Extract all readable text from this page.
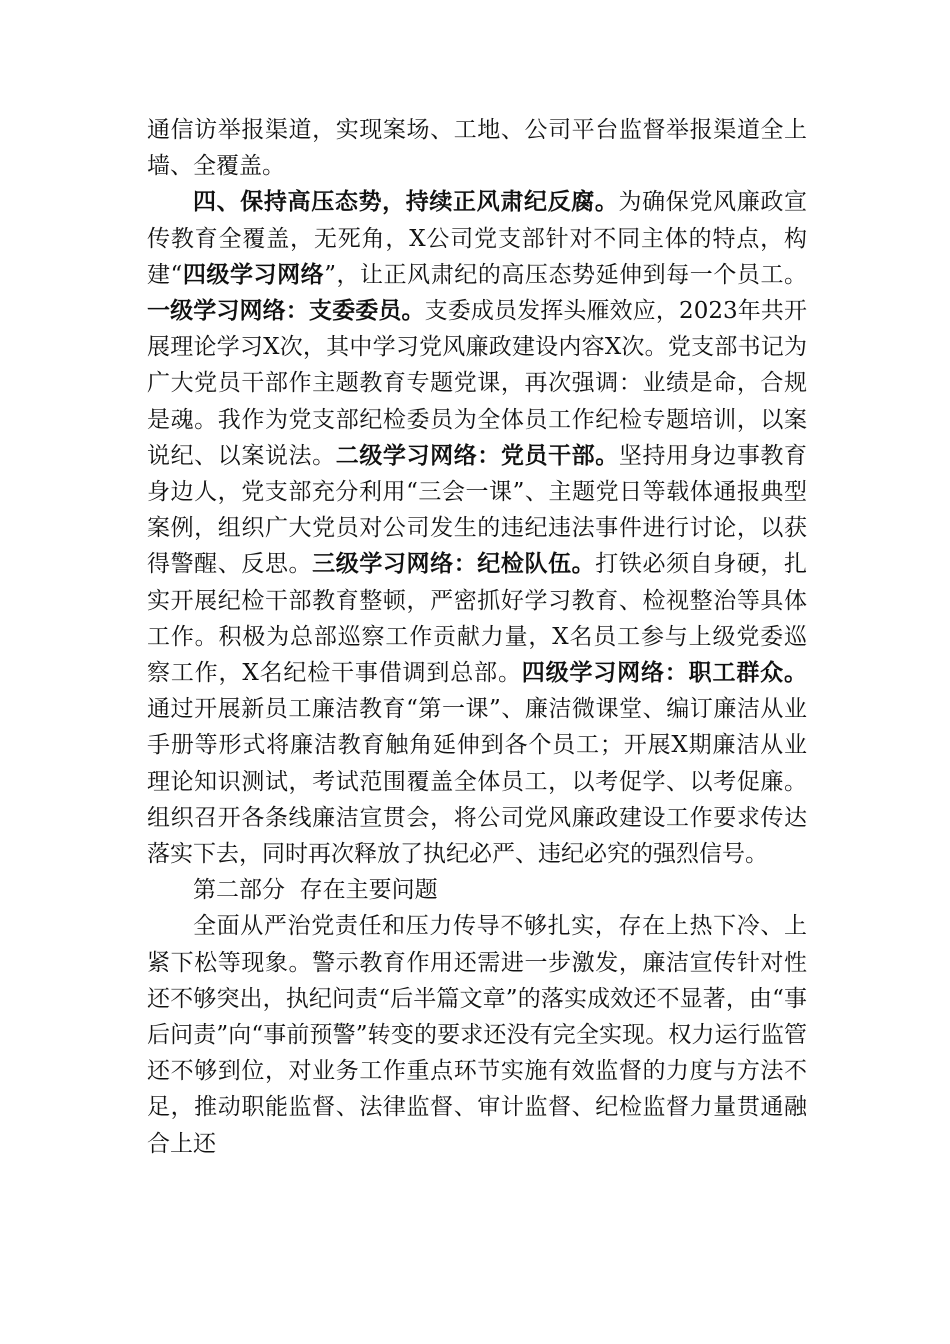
通信访举报渠道，实现案场、工地、公司平台监督举报渠道全上墙、全覆盖。

四、保持高压态势，持续正风肃纪反腐。为确保党风廉政宣传教育全覆盖，无死角，X公司党支部针对不同主体的特点，构建“四级学习网络”，让正风肃纪的高压态势延伸到每一个员工。一级学习网络：支委委员。支委成员发挥头雁效应，2023年共开展理论学习X次，其中学习党风廉政建设内容X次。党支部书记为广大党员干部作主题教育专题党课，再次强调：业绩是命，合规是魂。我作为党支部纪检委员为全体员工作纪检专题培训，以案说纪、以案说法。二级学习网络：党员干部。坚持用身边事教育身边人，党支部充分利用“三会一课”、主题党日等载体通报典型案例，组织广大党员对公司发生的违纪违法事件进行讨论，以获得警醒、反思。三级学习网络：纪检队伍。打铁必须自身硬，扎实开展纪检干部教育整顿，严密抓好学习教育、检视整治等具体工作。积极为总部巡察工作贡献力量，X名员工参与上级党委巡察工作，X名纪检干事借调到总部。四级学习网络：职工群众。通过开展新员工廉洁教育“第一课”、廉洁微课堂、编订廉洁从业手册等形式将廉洁教育触角延伸到各个员工；开展X期廉洁从业理论知识测试，考试范围覆盖全体员工，以考促学、以考促廉。组织召开各条线廉洁宣贯会，将公司党风廉政建设工作要求传达落实下去，同时再次释放了执纪必严、违纪必究的强烈信号。

第二部分  存在主要问题

全面从严治党责任和压力传导不够扎实，存在上热下冷、上紧下松等现象。警示教育作用还需进一步激发，廉洁宣传针对性还不够突出，执纪问责“后半篇文章”的落实成效还不显著，由“事后问责”向“事前预警”转变的要求还没有完全实现。权力运行监管还不够到位，对业务工作重点环节实施有效监督的力度与方法不足，推动职能监督、法律监督、审计监督、纪检监督力量贯通融合上还
